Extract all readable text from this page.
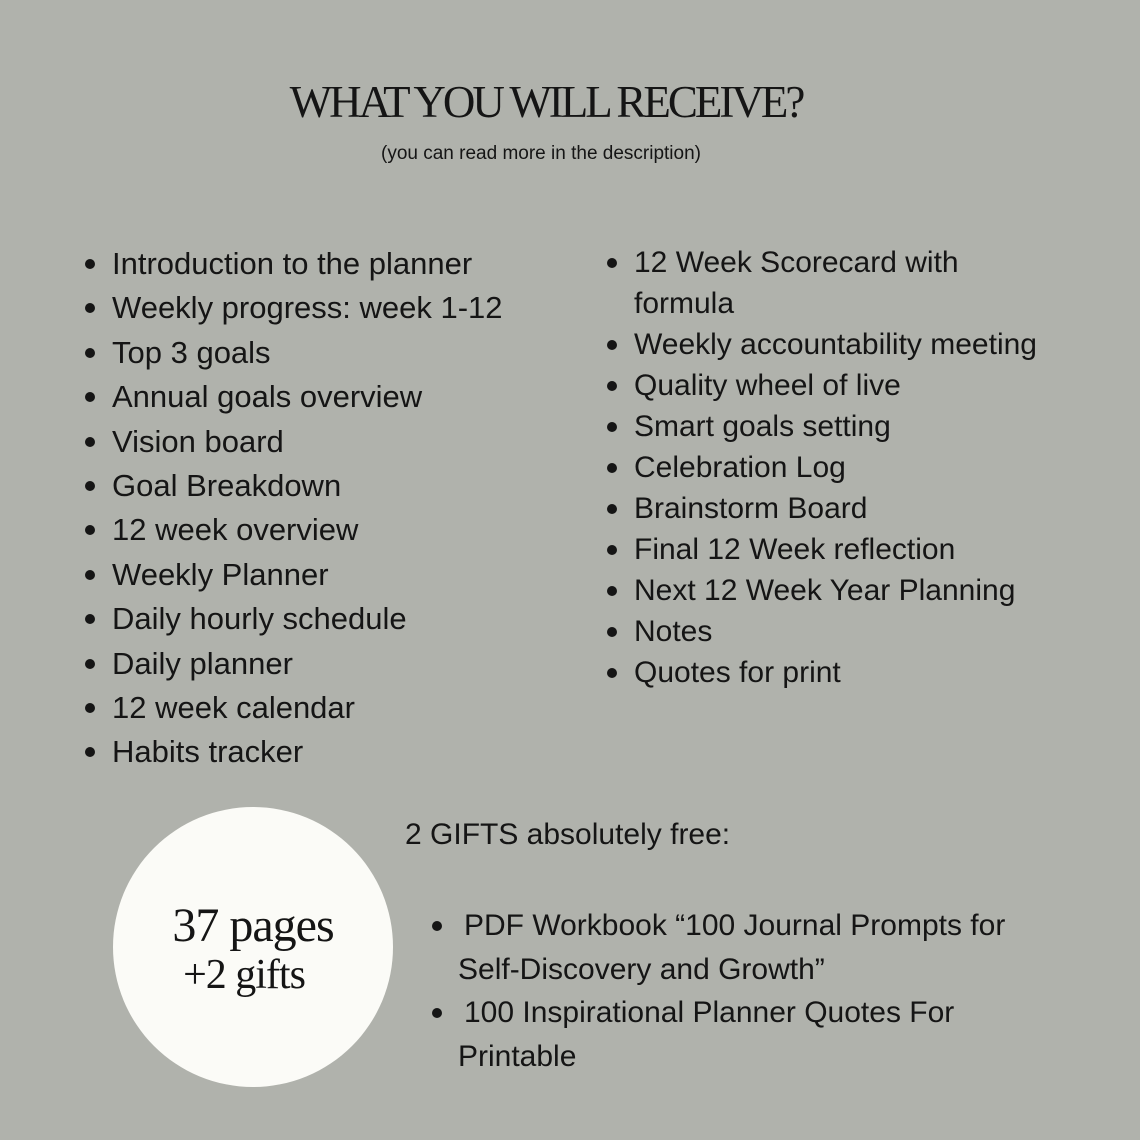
WHAT YOU WILL RECEIVE?

(you can read more in the description)

Introduction to the planner
Weekly progress: week 1-12
Top 3 goals
Annual goals overview
Vision board
Goal Breakdown
12 week overview
Weekly Planner
Daily hourly schedule
Daily planner
12 week calendar
Habits tracker
12 Week Scorecard with formula
Weekly accountability meeting
Quality wheel of live
Smart goals setting
Celebration Log
Brainstorm Board
Final 12 Week reflection
Next 12 Week Year Planning
Notes
Quotes for print
37 pages
+2 gifts

2 GIFTS absolutely free:

PDF Workbook “100 Journal Prompts for Self-Discovery and Growth”
100 Inspirational Planner Quotes For Printable
